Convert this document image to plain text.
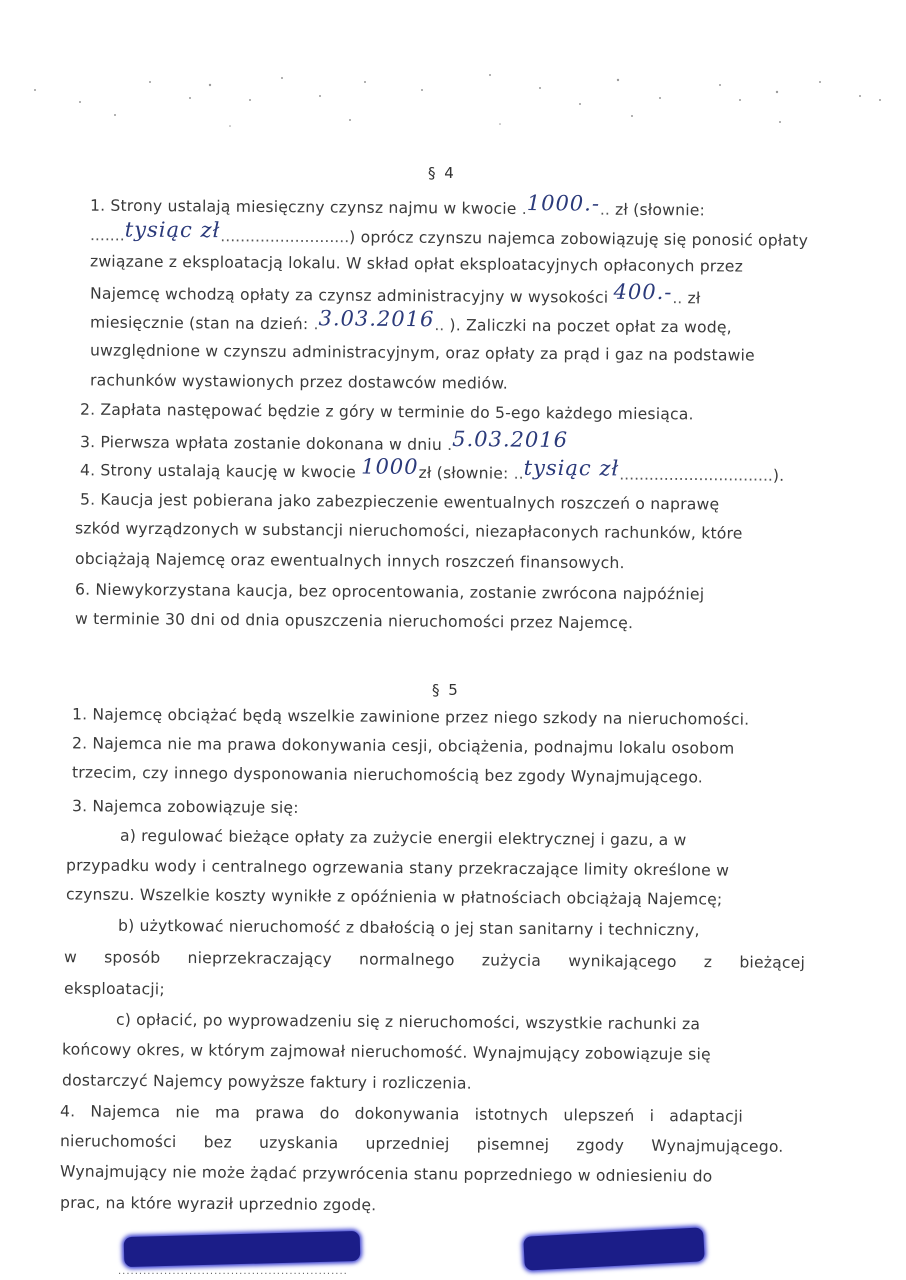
§ 4
1. Strony ustalają miesięczny czynsz najmu w kwocie .1000.-.. zł (słownie:
.......tysiąc zł..........................) oprócz czynszu najemca zobowiązuję się ponosić opłaty
związane z eksploatacją lokalu. W skład opłat eksploatacyjnych opłaconych przez
Najemcę wchodzą opłaty za czynsz administracyjny w wysokości 400.-.. zł
miesięcznie (stan na dzień: .3.03.2016.. ). Zaliczki na poczet opłat za wodę,
uwzględnione w czynszu administracyjnym, oraz opłaty za prąd i gaz na podstawie
rachunków wystawionych przez dostawców mediów.
2. Zapłata następować będzie z góry w terminie do 5-ego każdego miesiąca.
3. Pierwsza wpłata zostanie dokonana w dniu .5.03.2016
4. Strony ustalają kaucję w kwocie 1000zł (słownie: ..tysiąc zł...............................).
5. Kaucja jest pobierana jako zabezpieczenie ewentualnych roszczeń o naprawę
szkód wyrządzonych w substancji nieruchomości, niezapłaconych rachunków, które
obciążają Najemcę oraz ewentualnych innych roszczeń finansowych.
6. Niewykorzystana kaucja, bez oprocentowania, zostanie zwrócona najpóźniej
w terminie 30 dni od dnia opuszczenia nieruchomości przez Najemcę.
§ 5
1. Najemcę obciążać będą wszelkie zawinione przez niego szkody na nieruchomości.
2. Najemca nie ma prawa dokonywania cesji, obciążenia, podnajmu lokalu osobom
trzecim, czy innego dysponowania nieruchomością bez zgody Wynajmującego.
3. Najemca zobowiązuje się:
a) regulować bieżące opłaty za zużycie energii elektrycznej i gazu, a w
przypadku wody i centralnego ogrzewania stany przekraczające limity określone w
czynszu. Wszelkie koszty wynikłe z opóźnienia w płatnościach obciążają Najemcę;
b) użytkować nieruchomość z dbałością o jej stan sanitarny i techniczny,
w sposób nieprzekraczający normalnego zużycia wynikającego z bieżącej
eksploatacji;
c) opłacić, po wyprowadzeniu się z nieruchomości, wszystkie rachunki za
końcowy okres, w którym zajmował nieruchomość. Wynajmujący zobowiązuje się
dostarczyć Najemcy powyższe faktury i rozliczenia.
4. Najemca nie ma prawa do dokonywania istotnych ulepszeń i adaptacji
nieruchomości bez uzyskania uprzedniej pisemnej zgody Wynajmującego.
Wynajmujący nie może żądać przywrócenia stanu poprzedniego w odniesieniu do
prac, na które wyraził uprzednio zgodę.
.......................................................
